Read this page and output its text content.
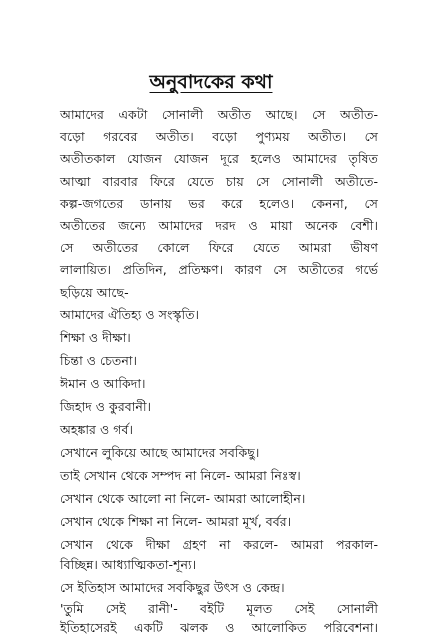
অনুবাদকের কথা
আমাদের একটা সোনালী অতীত আছে। সে অতীত-
বড়ো গরবের অতীত। বড়ো পুণ্যময় অতীত। সে
অতীতকাল যোজন যোজন দূরে হলেও আমাদের তৃষিত
আত্মা বারবার ফিরে যেতে চায় সে সোনালী অতীতে-
কল্প-জগতের ডানায় ভর করে হলেও। কেননা, সে
অতীতের জন্যে আমাদের দরদ ও মায়া অনেক বেশী।
সে অতীতের কোলে ফিরে যেতে আমরা ভীষণ
লালায়িত। প্রতিদিন, প্রতিক্ষণ। কারণ সে অতীতের গর্ভে
ছড়িয়ে আছে-
আমাদের ঐতিহ্য ও সংস্কৃতি।
শিক্ষা ও দীক্ষা।
চিন্তা ও চেতনা।
ঈমান ও আকিদা।
জিহাদ ও কুরবানী।
অহঙ্কার ও গর্ব।
সেখানে লুকিয়ে আছে আমাদের সবকিছু।
তাই সেখান থেকে সম্পদ না নিলে- আমরা নিঃস্ব।
সেখান থেকে আলো না নিলে- আমরা আলোহীন।
সেখান থেকে শিক্ষা না নিলে- আমরা মূর্খ, বর্বর।
সেখান থেকে দীক্ষা গ্রহণ না করলে- আমরা পরকাল-
বিচ্ছিন্ন। আধ্যাত্মিকতা-শূন্য।
সে ইতিহাস আমাদের সবকিছুর উৎস ও কেন্দ্র।
'তুমি সেই রানী'- বইটি মূলত সেই সোনালী
ইতিহাসেরই একটি ঝলক ও আলোকিত পরিবেশনা।
